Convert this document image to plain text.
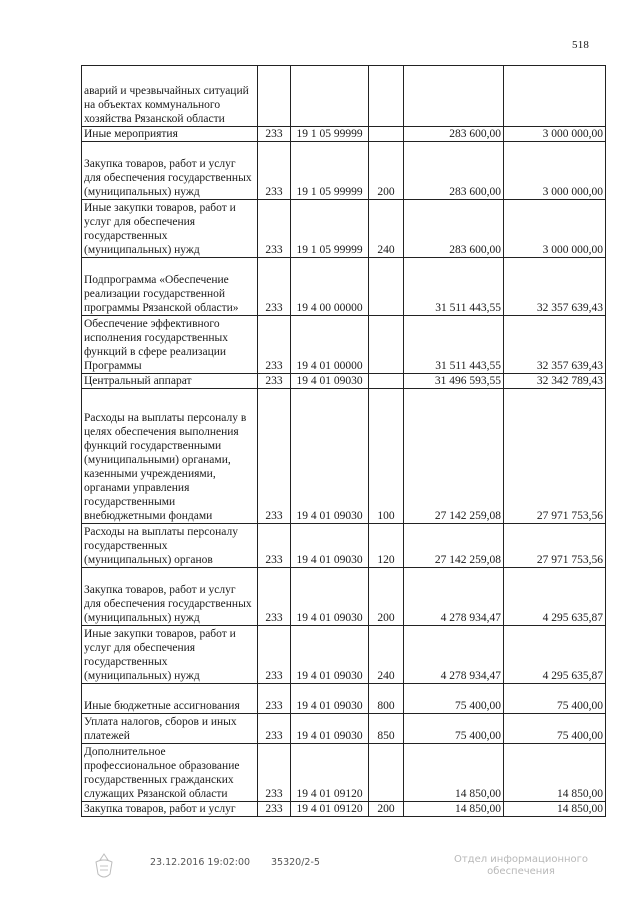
518
аварий и чрезвычайных ситуаций на объектах коммунального хозяйства Рязанской области					
Иные мероприятия	233	19 1 05 99999		283 600,00	3 000 000,00
Закупка товаров, работ и услуг для обеспечения государственных (муниципальных) нужд	233	19 1 05 99999	200	283 600,00	3 000 000,00
Иные закупки товаров, работ и услуг для обеспечения государственных (муниципальных) нужд	233	19 1 05 99999	240	283 600,00	3 000 000,00
Подпрограмма «Обеспечение реализации государственной программы Рязанской области»	233	19 4 00 00000		31 511 443,55	32 357 639,43
Обеспечение эффективного исполнения государственных функций в сфере реализации Программы	233	19 4 01 00000		31 511 443,55	32 357 639,43
Центральный аппарат	233	19 4 01 09030		31 496 593,55	32 342 789,43
Расходы на выплаты персоналу в целях обеспечения выполнения функций государственными (муниципальными) органами, казенными учреждениями, органами управления государственными внебюджетными фондами	233	19 4 01 09030	100	27 142 259,08	27 971 753,56
Расходы на выплаты персоналу государственных (муниципальных) органов	233	19 4 01 09030	120	27 142 259,08	27 971 753,56
Закупка товаров, работ и услуг для обеспечения государственных (муниципальных) нужд	233	19 4 01 09030	200	4 278 934,47	4 295 635,87
Иные закупки товаров, работ и услуг для обеспечения государственных (муниципальных) нужд	233	19 4 01 09030	240	4 278 934,47	4 295 635,87
Иные бюджетные ассигнования	233	19 4 01 09030	800	75 400,00	75 400,00
Уплата налогов, сборов и иных платежей	233	19 4 01 09030	850	75 400,00	75 400,00
Дополнительное профессиональное образование государственных гражданских служащих Рязанской области	233	19 4 01 09120		14 850,00	14 850,00
Закупка товаров, работ и услуг	233	19 4 01 09120	200	14 850,00	14 850,00
23.12.2016 19:02:00 35320/2-5	Отдел информационного
обеспечения
